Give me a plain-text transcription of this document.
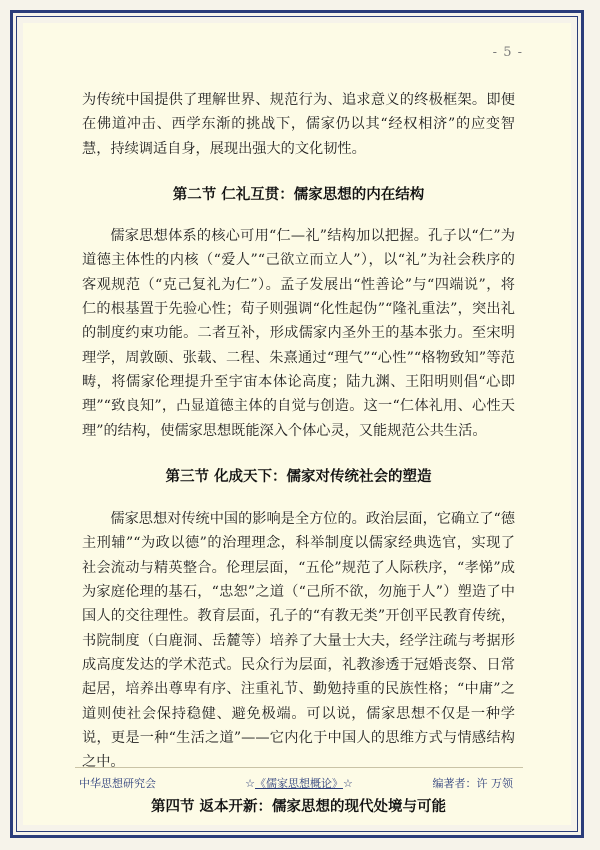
- 5 -

为传统中国提供了理解世界、规范行为、追求意义的终极框架。即便在佛道冲击、西学东渐的挑战下，儒家仍以其“经权相济”的应变智慧，持续调适自身，展现出强大的文化韧性。

第二节 仁礼互贯：儒家思想的内在结构

儒家思想体系的核心可用“仁—礼”结构加以把握。孔子以“仁”为道德主体性的内核（“爱人”“己欲立而立人”），以“礼”为社会秩序的客观规范（“克己复礼为仁”）。孟子发展出“性善论”与“四端说”，将仁的根基置于先验心性；荀子则强调“化性起伪”“隆礼重法”，突出礼的制度约束功能。二者互补，形成儒家内圣外王的基本张力。至宋明理学，周敦颐、张载、二程、朱熹通过“理气”“心性”“格物致知”等范畴，将儒家伦理提升至宇宙本体论高度；陆九渊、王阳明则倡“心即理”“致良知”，凸显道德主体的自觉与创造。这一“仁体礼用、心性天理”的结构，使儒家思想既能深入个体心灵，又能规范公共生活。

第三节 化成天下：儒家对传统社会的塑造

儒家思想对传统中国的影响是全方位的。政治层面，它确立了“德主刑辅”“为政以德”的治理理念，科举制度以儒家经典选官，实现了社会流动与精英整合。伦理层面，“五伦”规范了人际秩序，“孝悌”成为家庭伦理的基石，“忠恕”之道（“己所不欲，勿施于人”）塑造了中国人的交往理性。教育层面，孔子的“有教无类”开创平民教育传统，书院制度（白鹿洞、岳麓等）培养了大量士大夫，经学注疏与考据形成高度发达的学术范式。民众行为层面，礼教渗透于冠婚丧祭、日常起居，培养出尊卑有序、注重礼节、勤勉持重的民族性格；“中庸”之道则使社会保持稳健、避免极端。可以说，儒家思想不仅是一种学说，更是一种“生活之道”——它内化于中国人的思维方式与情感结构之中。

第四节 返本开新：儒家思想的现代处境与可能

中华思想研究会	☆《儒家思想概论》☆	编著者：许 万领
